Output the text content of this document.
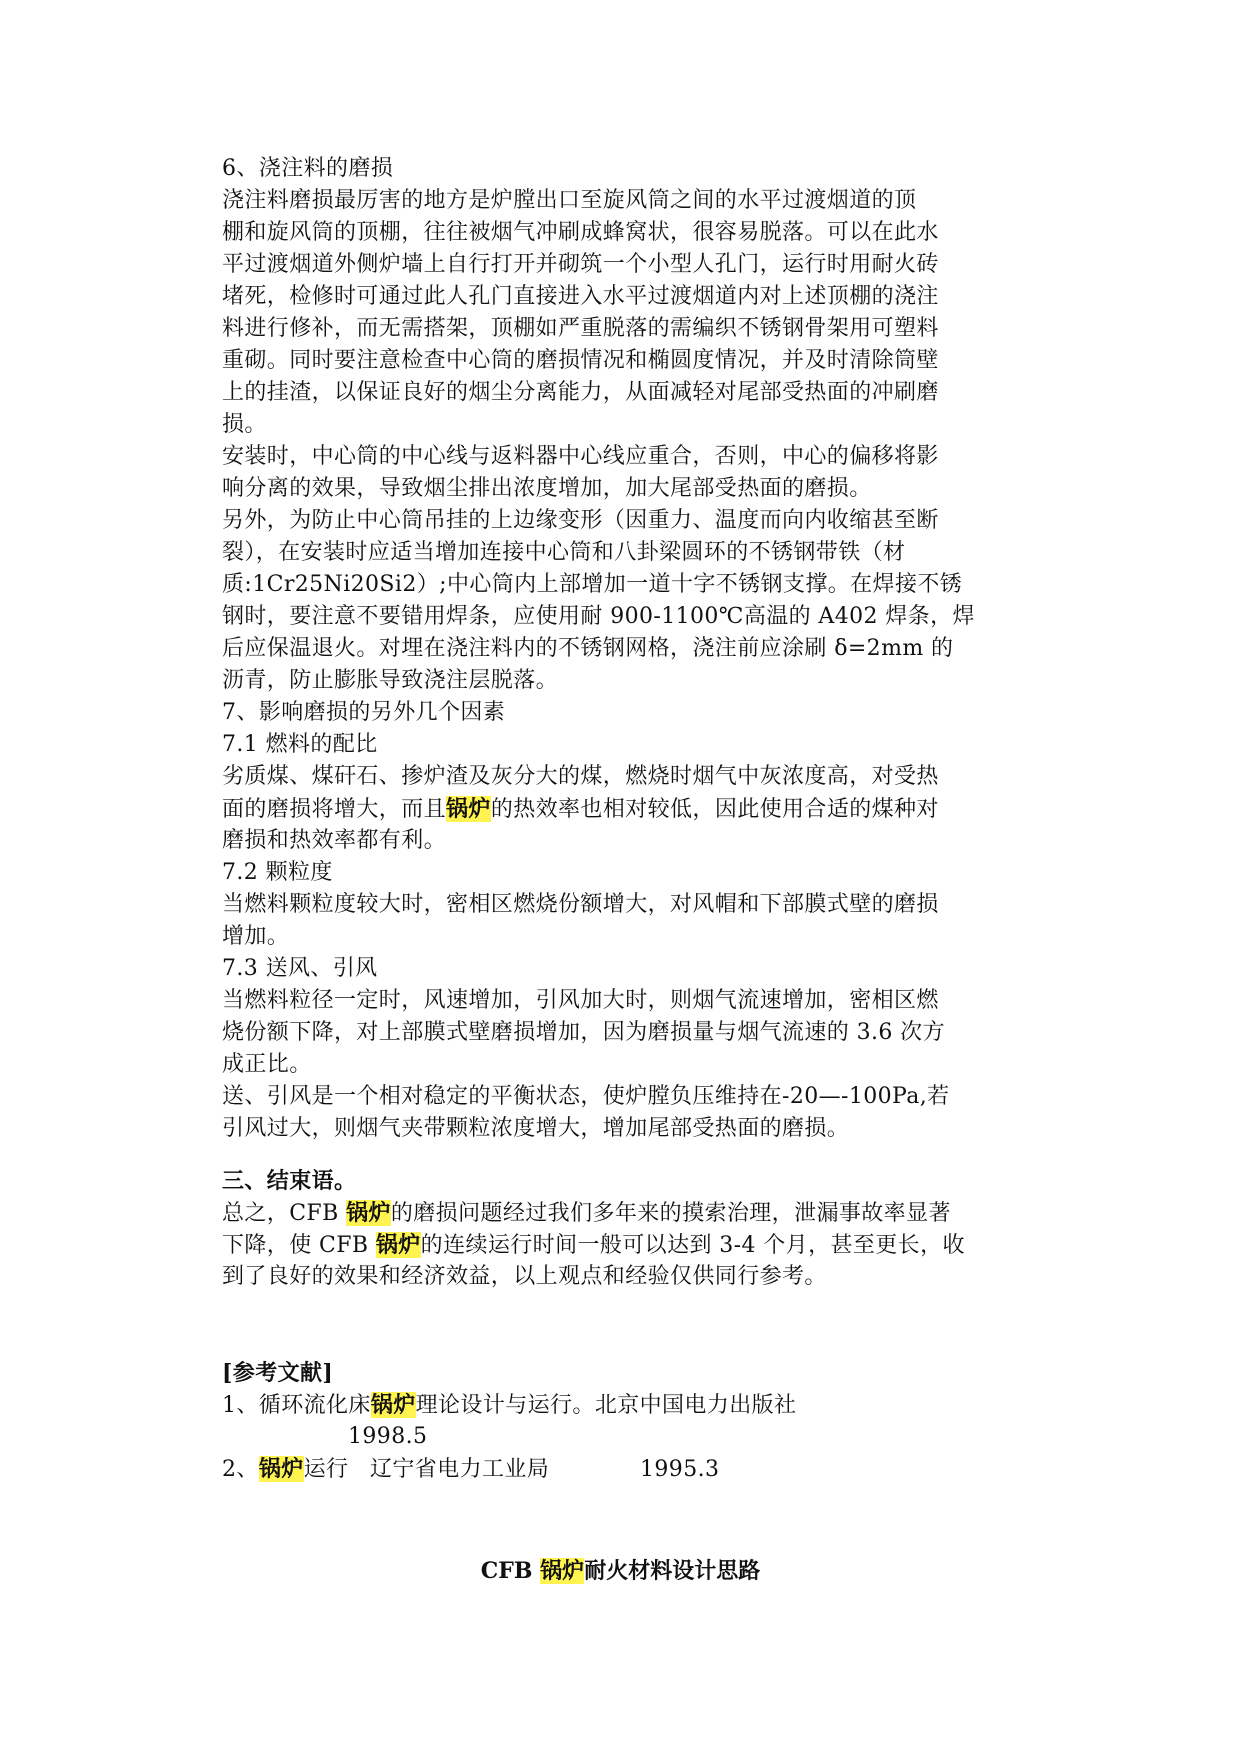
6、浇注料的磨损
浇注料磨损最厉害的地方是炉膛出口至旋风筒之间的水平过渡烟道的顶
棚和旋风筒的顶棚，往往被烟气冲刷成蜂窝状，很容易脱落。可以在此水
平过渡烟道外侧炉墙上自行打开并砌筑一个小型人孔门，运行时用耐火砖
堵死，检修时可通过此人孔门直接进入水平过渡烟道内对上述顶棚的浇注
料进行修补，而无需搭架，顶棚如严重脱落的需编织不锈钢骨架用可塑料
重砌。同时要注意检查中心筒的磨损情况和椭圆度情况，并及时清除筒壁
上的挂渣，以保证良好的烟尘分离能力，从面减轻对尾部受热面的冲刷磨
损。
安装时，中心筒的中心线与返料器中心线应重合，否则，中心的偏移将影
响分离的效果，导致烟尘排出浓度增加，加大尾部受热面的磨损。
另外，为防止中心筒吊挂的上边缘变形（因重力、温度而向内收缩甚至断
裂），在安装时应适当增加连接中心筒和八卦梁圆环的不锈钢带铁（材
质:1Cr25Ni20Si2）;中心筒内上部增加一道十字不锈钢支撑。在焊接不锈
钢时，要注意不要错用焊条，应使用耐 900-1100℃高温的 A402 焊条，焊
后应保温退火。对埋在浇注料内的不锈钢网格，浇注前应涂刷 δ=2mm 的
沥青，防止膨胀导致浇注层脱落。
7、影响磨损的另外几个因素
7.1 燃料的配比
劣质煤、煤矸石、掺炉渣及灰分大的煤，燃烧时烟气中灰浓度高，对受热
面的磨损将增大，而且锅炉的热效率也相对较低，因此使用合适的煤种对
磨损和热效率都有利。
7.2 颗粒度
当燃料颗粒度较大时，密相区燃烧份额增大，对风帽和下部膜式壁的磨损
增加。
7.3 送风、引风
当燃料粒径一定时，风速增加，引风加大时，则烟气流速增加，密相区燃
烧份额下降，对上部膜式壁磨损增加，因为磨损量与烟气流速的 3.6 次方
成正比。
送、引风是一个相对稳定的平衡状态，使炉膛负压维持在-20—-100Pa,若
引风过大，则烟气夹带颗粒浓度增大，增加尾部受热面的磨损。
三、结束语。
总之，CFB 锅炉的磨损问题经过我们多年来的摸索治理，泄漏事故率显著
下降，使 CFB 锅炉的连续运行时间一般可以达到 3-4 个月，甚至更长，收
到了良好的效果和经济效益，以上观点和经验仅供同行参考。
[参考文献]
1、循环流化床锅炉理论设计与运行。北京中国电力出版社
1998.5
2、锅炉运行 辽宁省电力工业局	1995.3
CFB 锅炉耐火材料设计思路
